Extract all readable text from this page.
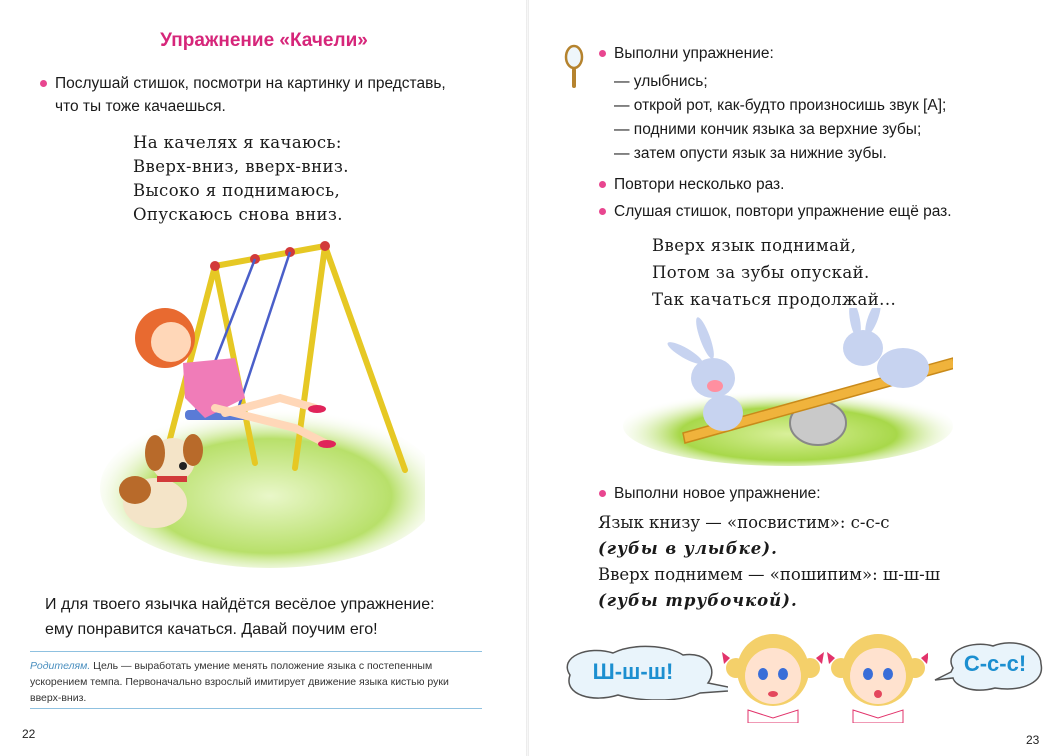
Упражнение «Качели»
Послушай стишок, посмотри на картинку и представь,
что ты тоже качаешься.
На качелях я качаюсь:
Вверх-вниз, вверх-вниз.
Высоко я поднимаюсь,
Опускаюсь снова вниз.
И для твоего язычка найдётся весёлое упражнение:
ему понравится качаться. Давай поучим его!
Родителям. Цель — выработать умение менять положение языка с постепенным
ускорением темпа. Первоначально взрослый имитирует движение языка кистью руки
вверх-вниз.
22
Выполни упражнение:
— улыбнись;
— открой рот, как-будто произносишь звук [А];
— подними кончик языка за верхние зубы;
— затем опусти язык за нижние зубы.
Повтори несколько раз.
Слушая стишок, повтори упражнение ещё раз.
Вверх язык поднимай,
Потом за зубы опускай.
Так качаться продолжай...
Выполни новое упражнение:
Язык книзу — «посвистим»: с-с-с
(губы в улыбке).
Вверх поднимем — «пошипим»: ш-ш-ш
(губы трубочкой).
Ш-ш-ш!	С-с-с!
23
